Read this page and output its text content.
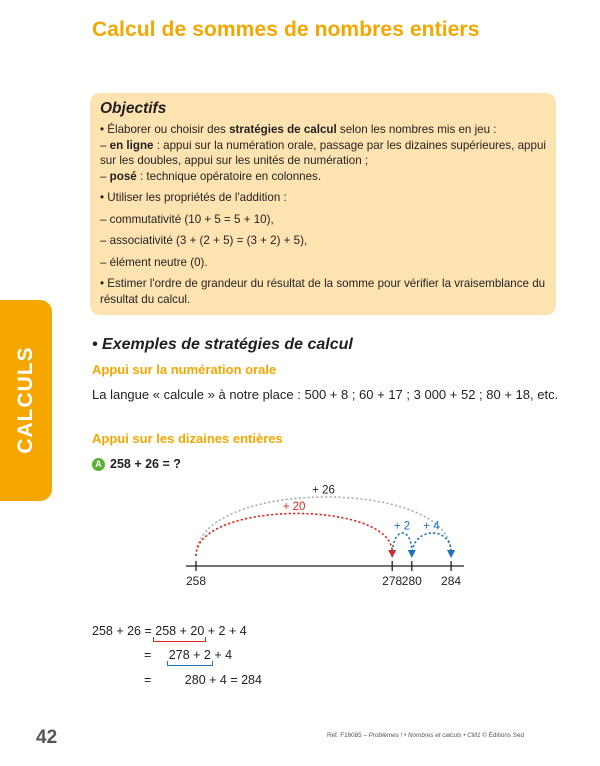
Calcul de sommes de nombres entiers

Objectifs

• Élaborer ou choisir des stratégies de calcul selon les nombres mis en jeu :

– en ligne : appui sur la numération orale, passage par les dizaines supérieures, appui sur les doubles, appui sur les unités de numération ;

– posé : technique opératoire en colonnes.

• Utiliser les propriétés de l'addition :

– commutativité (10 + 5 = 5 + 10),

– associativité (3 + (2 + 5) = (3 + 2) + 5),

– élément neutre (0).

• Estimer l'ordre de grandeur du résultat de la somme pour vérifier la vraisemblance du résultat du calcul.

CALCULS

• Exemples de stratégies de calcul

Appui sur la numération orale

La langue « calcule » à notre place : 500 + 8 ; 60 + 17 ; 3 000 + 52 ; 80 + 18, etc.

Appui sur les dizaines entières

A 258 + 26 = ?
258	278 280 284
+ 26
+ 20
+ 2 + 4

258 + 26 = 258 + 20 + 2 + 4

= 278 + 2 + 4

=	280 + 4 = 284

42	Réf. F16085 – Problèmes ! • Nombres et calculs • CM1 © Éditions Sed
